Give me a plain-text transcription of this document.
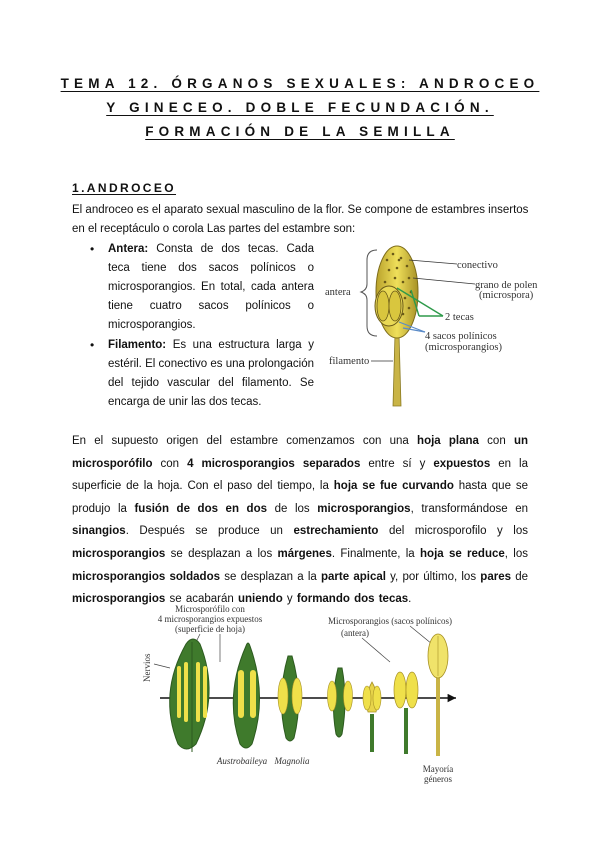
TEMA 12. ÓRGANOS SEXUALES: ANDROCEO
Y GINECEO. DOBLE FECUNDACIÓN.
FORMACIÓN DE LA SEMILLA
1.ANDROCEO
El androceo es el aparato sexual masculino de la flor. Se compone de estambres insertos
en el receptáculo o corola Las partes del estambre son:
• Antera: Consta de dos tecas. Cada teca tiene dos sacos polínicos o microsporangios. En total, cada antera tiene cuatro sacos polínicos o microsporangios.
• Filamento: Es una estructura larga y estéril. El conectivo es una prolongación del tejido vascular del filamento. Se encarga de unir las dos tecas.
conectivo
grano de polen
(microspora)
antera
2 tecas
4 sacos polínicos
(microsporangios)
filamento
En el supuesto origen del estambre comenzamos con una hoja plana con un microsporófilo con 4 microsporangios separados entre sí y expuestos en la superficie de la hoja. Con el paso del tiempo, la hoja se fue curvando hasta que se produjo la fusión de dos en dos de los microsporangios, transformándose en sinangios. Después se produce un estrechamiento del microsporofilo y los microsporangios se desplazan a los márgenes. Finalmente, la hoja se reduce, los microsporangios soldados se desplazan a la parte apical y, por último, los pares de microsporangios se acabarán uniendo y formando dos tecas.
Microsporófilo con
4 microsporangios expuestos
(superficie de hoja)
Microsporangios (sacos polínicos)
(antera)
Nervios
Austrobaileya Magnolia
Mayoría
géneros
